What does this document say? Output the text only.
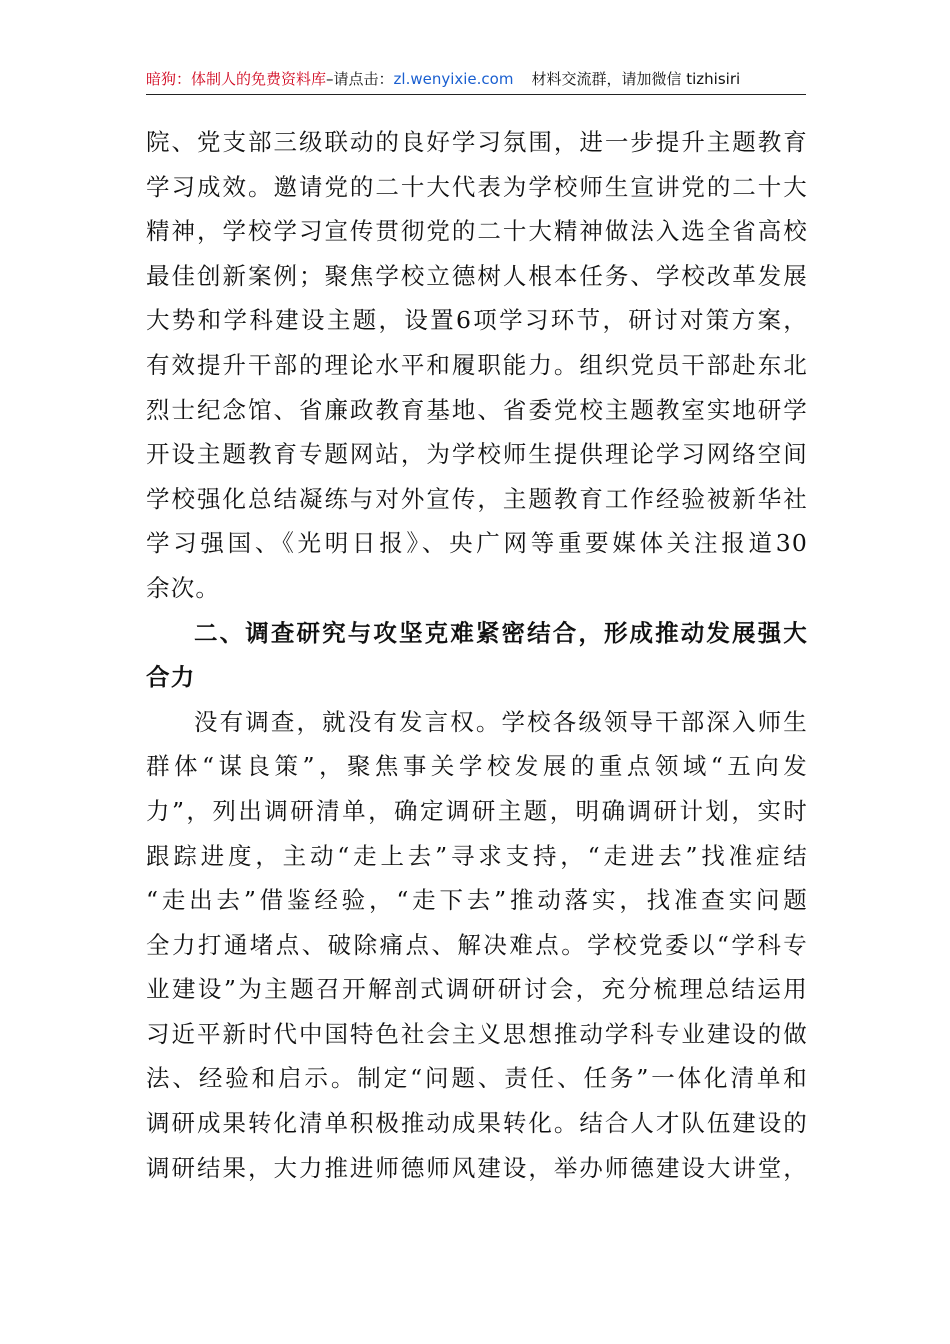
暗狗：体制人的免费资料库–请点击：zl.wenyixie.com 材料交流群，请加微信 tizhisiri
院、党支部三级联动的良好学习氛围，进一步提升主题教育
学习成效。邀请党的二十大代表为学校师生宣讲党的二十大
精神，学校学习宣传贯彻党的二十大精神做法入选全省高校
最佳创新案例；聚焦学校立德树人根本任务、学校改革发展
大势和学科建设主题，设置6项学习环节，研讨对策方案，
有效提升干部的理论水平和履职能力。组织党员干部赴东北
烈士纪念馆、省廉政教育基地、省委党校主题教室实地研学
开设主题教育专题网站，为学校师生提供理论学习网络空间
学校强化总结凝练与对外宣传，主题教育工作经验被新华社
学习强国、《光明日报》、央广网等重要媒体关注报道30
余次。
二、调查研究与攻坚克难紧密结合，形成推动发展强大
合力
没有调查，就没有发言权。学校各级领导干部深入师生
群体“谋良策”，聚焦事关学校发展的重点领域“五向发
力”，列出调研清单，确定调研主题，明确调研计划，实时
跟踪进度，主动“走上去”寻求支持，“走进去”找准症结
“走出去”借鉴经验，“走下去”推动落实，找准查实问题
全力打通堵点、破除痛点、解决难点。学校党委以“学科专
业建设”为主题召开解剖式调研研讨会，充分梳理总结运用
习近平新时代中国特色社会主义思想推动学科专业建设的做
法、经验和启示。制定“问题、责任、任务”一体化清单和
调研成果转化清单积极推动成果转化。结合人才队伍建设的
调研结果，大力推进师德师风建设，举办师德建设大讲堂，
